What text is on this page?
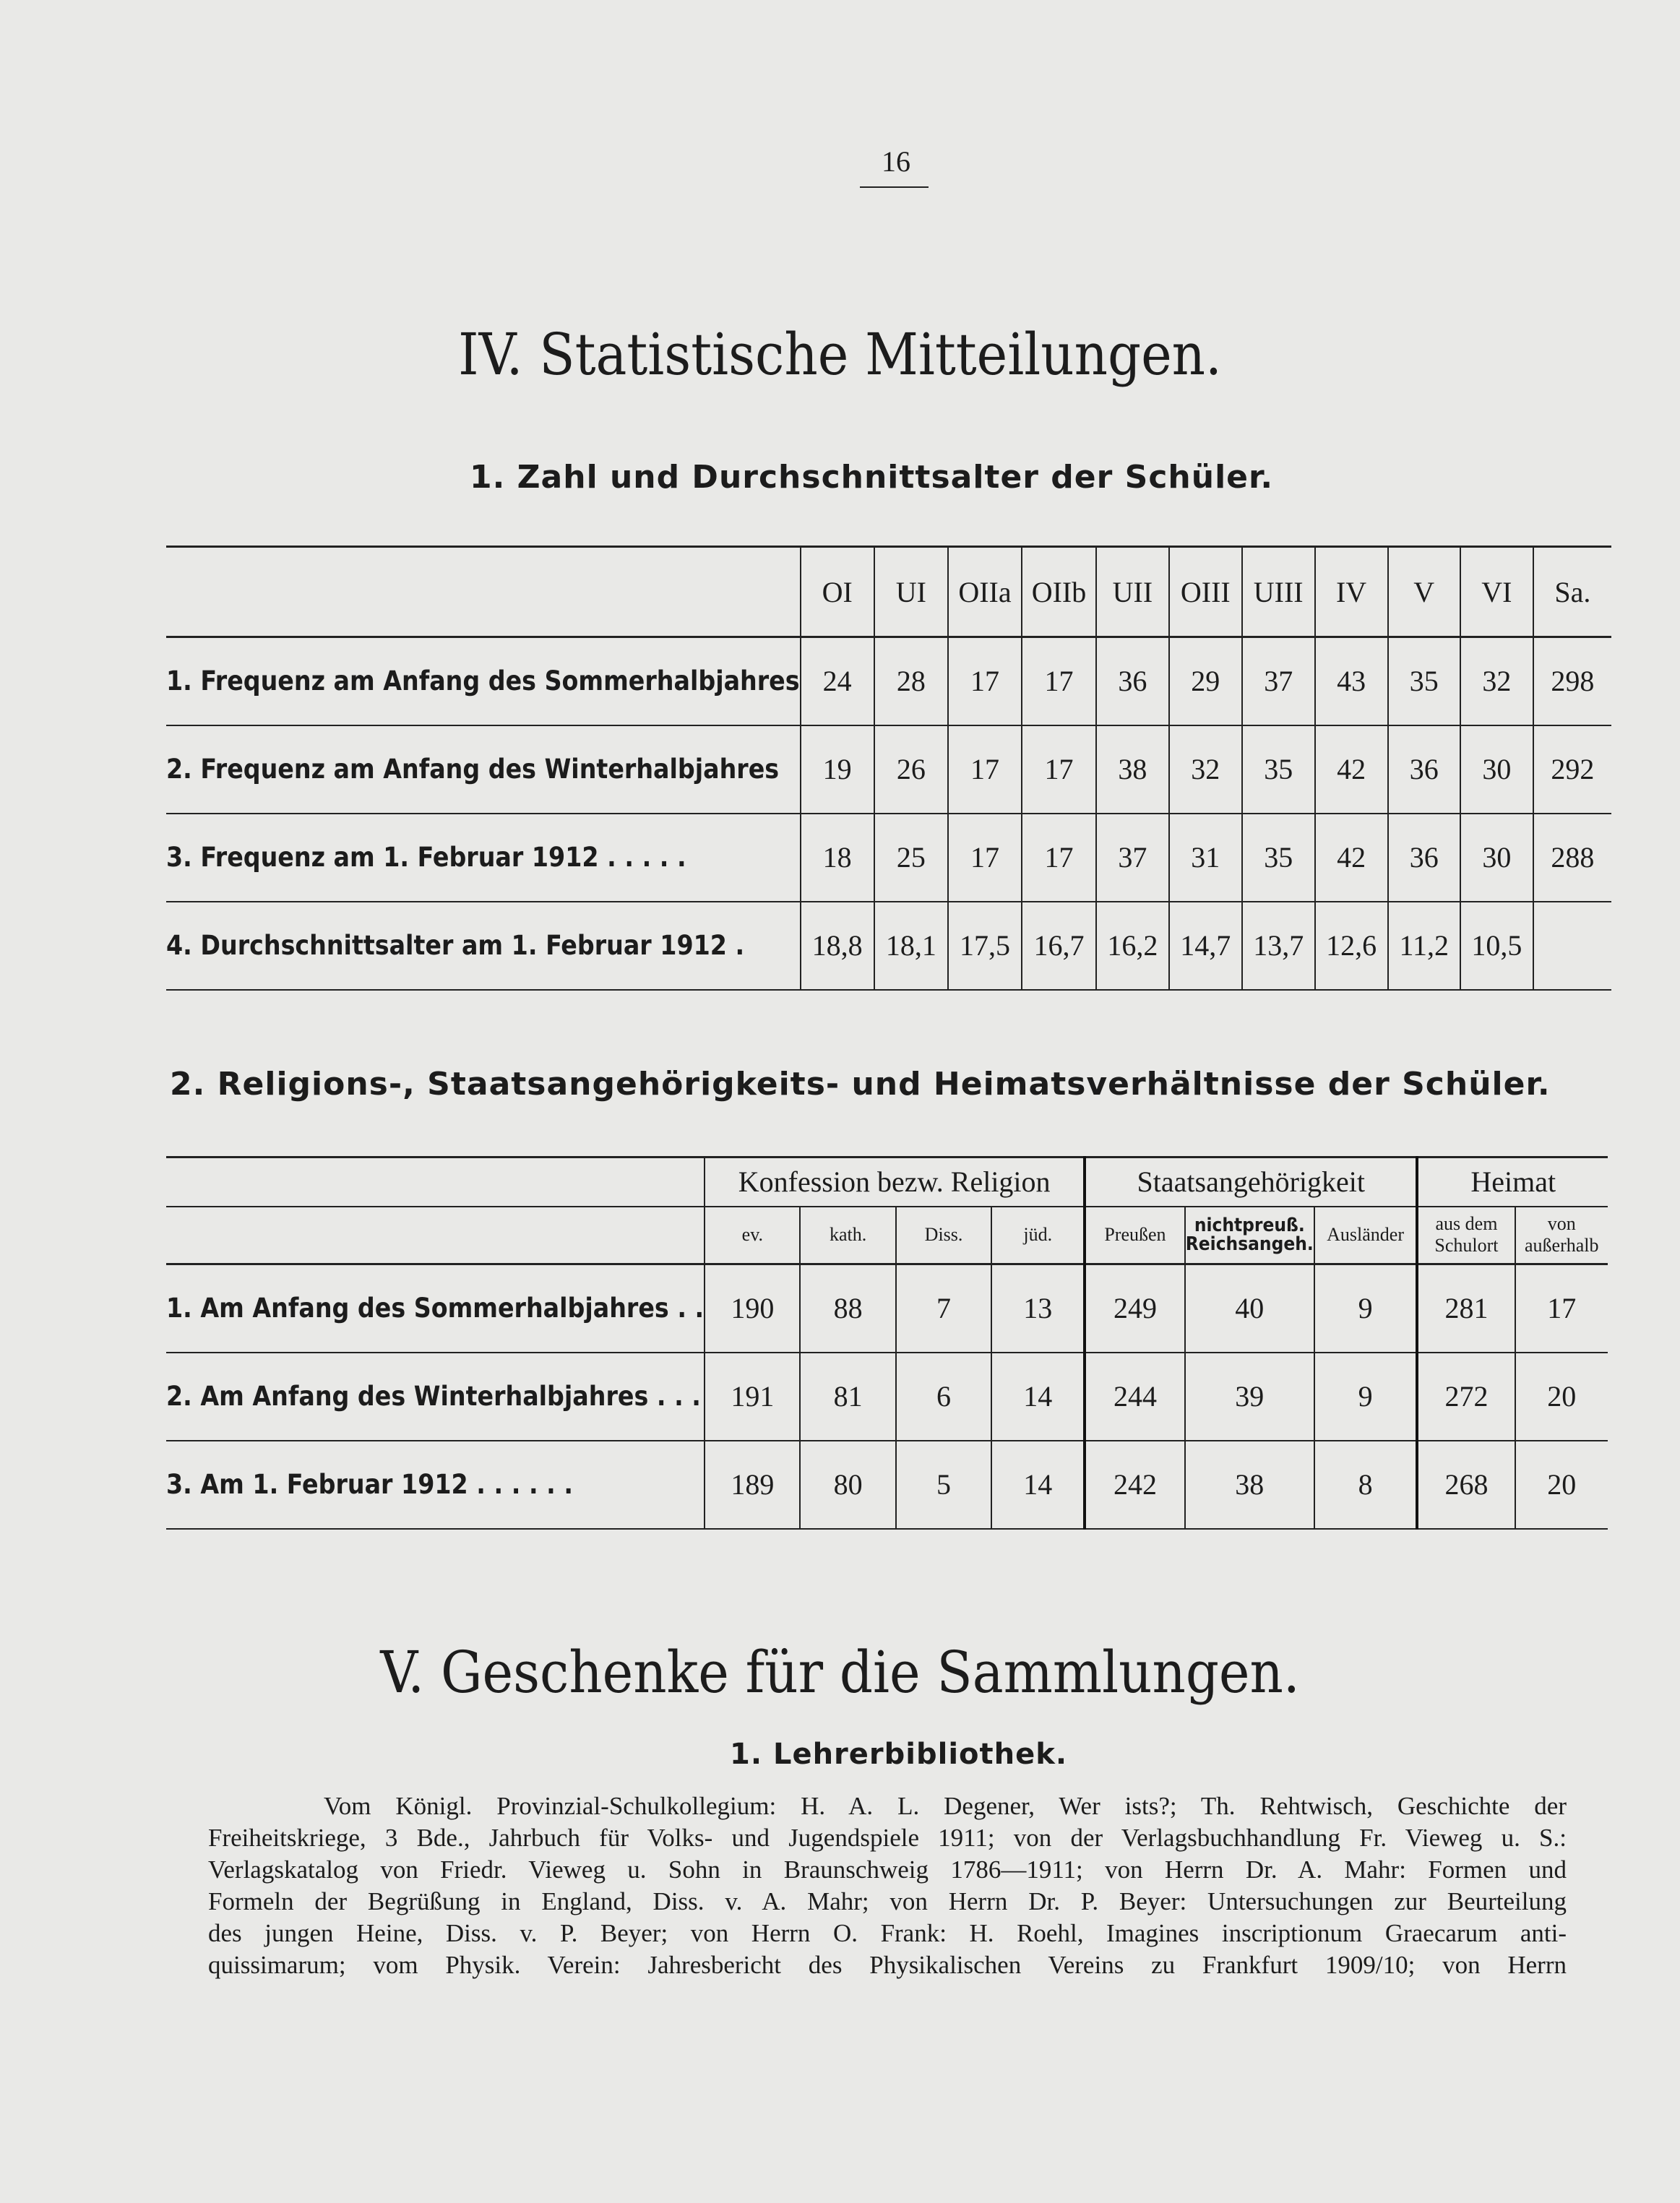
16
IV. Statistische Mitteilungen.
1. Zahl und Durchschnittsalter der Schüler.
	OI	UI	OIIa	OIIb	UII	OIII	UIII	IV	V	VI	Sa.
1. Frequenz am Anfang des Sommerhalbjahres	24	28	17	17	36	29	37	43	35	32	298
2. Frequenz am Anfang des Winterhalbjahres	19	26	17	17	38	32	35	42	36	30	292
3. Frequenz am 1. Februar 1912 . . . . .	18	25	17	17	37	31	35	42	36	30	288
4. Durchschnittsalter am 1. Februar 1912 .	18,8	18,1	17,5	16,7	16,2	14,7	13,7	12,6	11,2	10,5	
2. Religions-, Staatsangehörigkeits- und Heimatsverhältnisse der Schüler.
	Konfession bezw. Religion				Staatsangehörigkeit			Heimat	
	ev.	kath.	Diss.	jüd.	Preußen	nichtpreuß. Reichsangeh.	Ausländer	aus dem Schulort	von außerhalb
1. Am Anfang des Sommerhalbjahres . .	190	88	7	13	249	40	9	281	17
2. Am Anfang des Winterhalbjahres . . .	191	81	6	14	244	39	9	272	20
3. Am 1. Februar 1912 . . . . . .	189	80	5	14	242	38	8	268	20
V. Geschenke für die Sammlungen.
1. Lehrerbibliothek.
Vom Königl. Provinzial-Schulkollegium: H. A. L. Degener, Wer ists?; Th. Rehtwisch, Geschichte der
Freiheitskriege, 3 Bde., Jahrbuch für Volks- und Jugendspiele 1911; von der Verlagsbuchhandlung Fr. Vieweg u. S.:
Verlagskatalog von Friedr. Vieweg u. Sohn in Braunschweig 1786—1911; von Herrn Dr. A. Mahr: Formen und
Formeln der Begrüßung in England, Diss. v. A. Mahr; von Herrn Dr. P. Beyer: Untersuchungen zur Beurteilung
des jungen Heine, Diss. v. P. Beyer; von Herrn O. Frank: H. Roehl, Imagines inscriptionum Graecarum anti-
quissimarum; vom Physik. Verein: Jahresbericht des Physikalischen Vereins zu Frankfurt 1909/10; von Herrn
